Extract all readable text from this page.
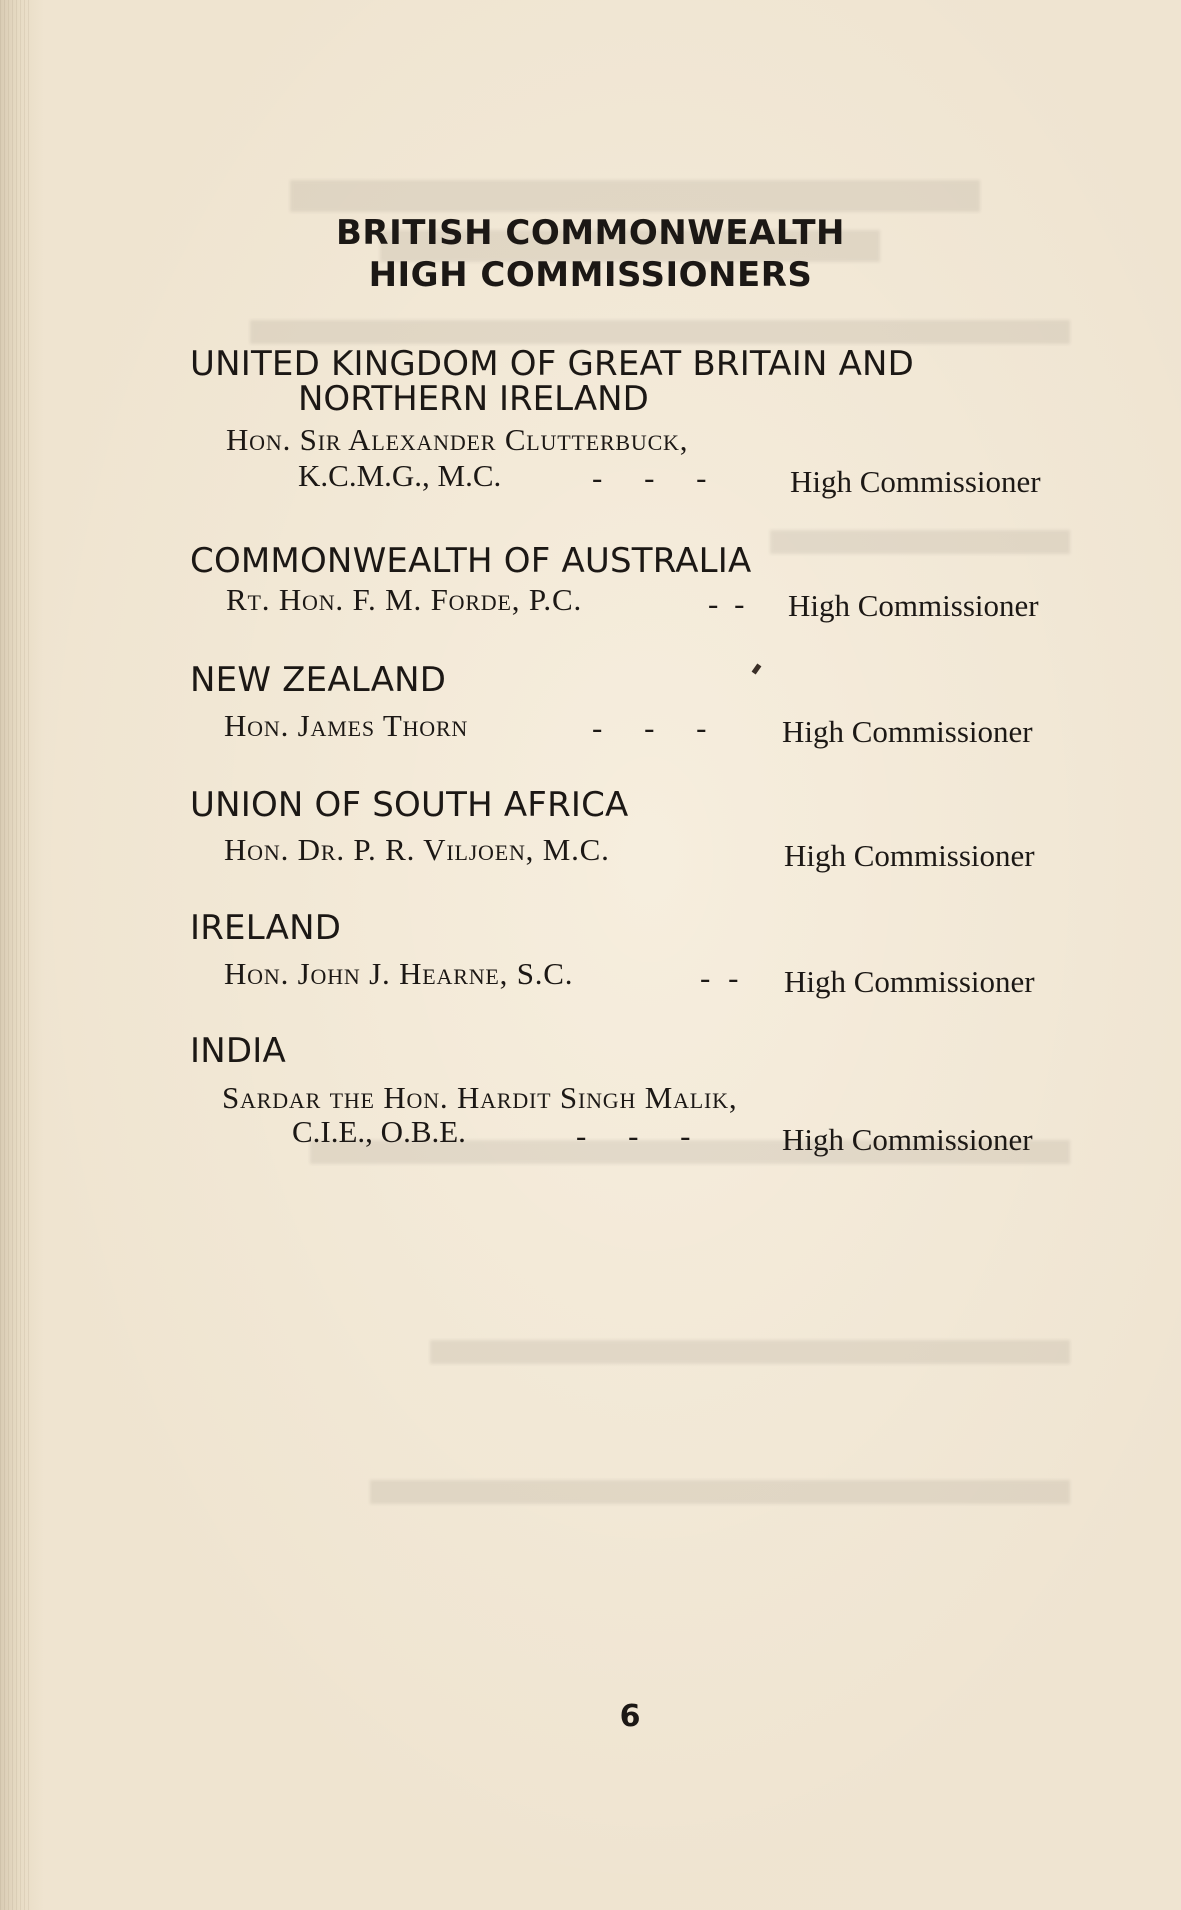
BRITISH COMMONWEALTH
HIGH COMMISSIONERS
UNITED KINGDOM OF GREAT BRITAIN AND
NORTHERN IRELAND
Hon. Sir Alexander Clutterbuck,
K.C.M.G., M.C.	- - -	High Commissioner
COMMONWEALTH OF AUSTRALIA
Rt. Hon. F. M. Forde, P.C.	- - High Commissioner
NEW ZEALAND
Hon. James Thorn	- - - High Commissioner
UNION OF SOUTH AFRICA
Hon. Dr. P. R. Viljoen, M.C.	High Commissioner
IRELAND
Hon. John J. Hearne, S.C.	- - High Commissioner
INDIA
Sardar the Hon. Hardit Singh Malik,
C.I.E., O.B.E.	- - -	High Commissioner
6
